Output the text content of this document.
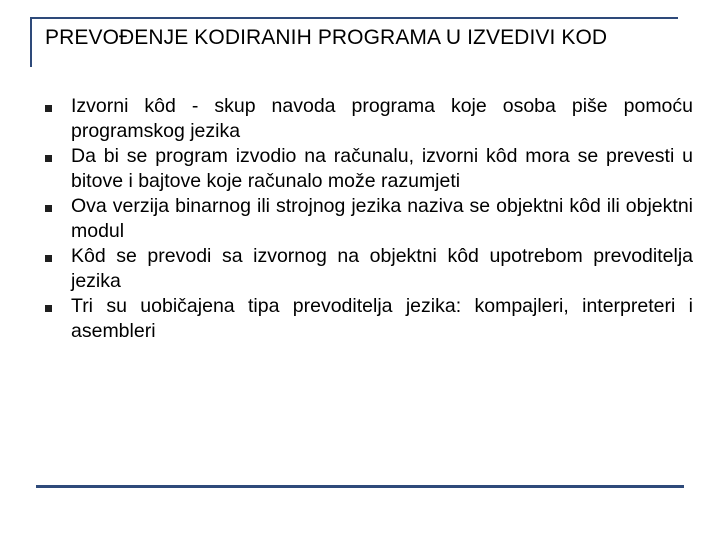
PREVOĐENJE KODIRANIH PROGRAMA U IZVEDIVI KOD
Izvorni kôd - skup navoda programa koje osoba piše pomoću programskog jezika
Da bi se program izvodio na računalu, izvorni kôd mora se prevesti u bitove i bajtove koje računalo može razumjeti
Ova verzija binarnog ili strojnog jezika naziva se objektni kôd ili objektni modul
Kôd se prevodi sa izvornog na objektni kôd upotrebom prevoditelja jezika
Tri su uobičajena tipa prevoditelja jezika: kompajleri, interpreteri i asembleri
